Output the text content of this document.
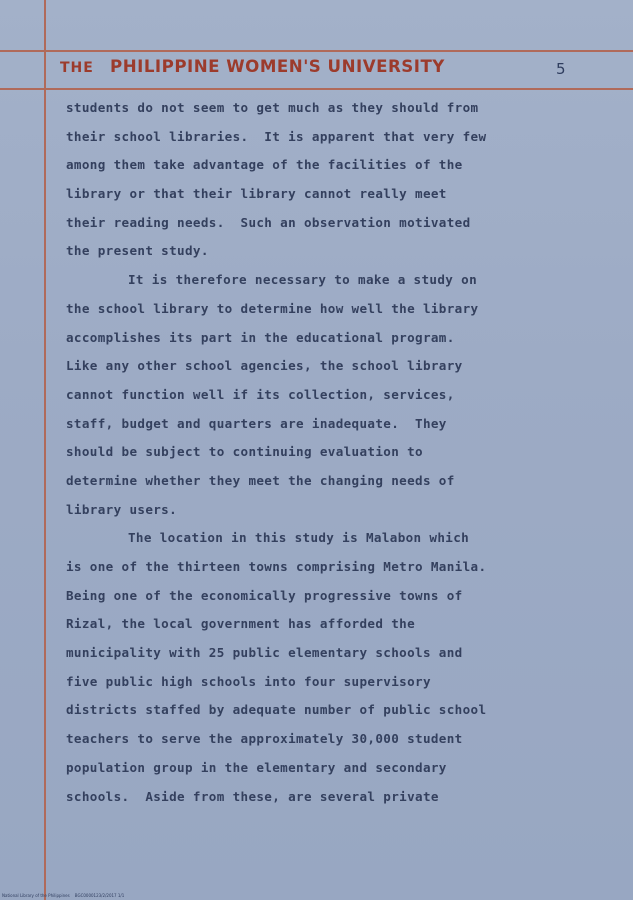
THE PHILIPPINE WOMEN'S UNIVERSITY	5
students do not seem to get much as they should from
their school libraries.  It is apparent that very few
among them take advantage of the facilities of the
library or that their library cannot really meet
their reading needs.  Such an observation motivated
the present study.
It is therefore necessary to make a study on
the school library to determine how well the library
accomplishes its part in the educational program.
Like any other school agencies, the school library
cannot function well if its collection, services,
staff, budget and quarters are inadequate.  They
should be subject to continuing evaluation to
determine whether they meet the changing needs of
library users.
The location in this study is Malabon which
is one of the thirteen towns comprising Metro Manila.
Being one of the economically progressive towns of
Rizal, the local government has afforded the
municipality with 25 public elementary schools and
five public high schools into four supervisory
districts staffed by adequate number of public school
teachers to serve the approximately 30,000 student
population group in the elementary and secondary
schools.  Aside from these, are several private
National Library of the Philippines    BGC0000123/2/2017 1/1
